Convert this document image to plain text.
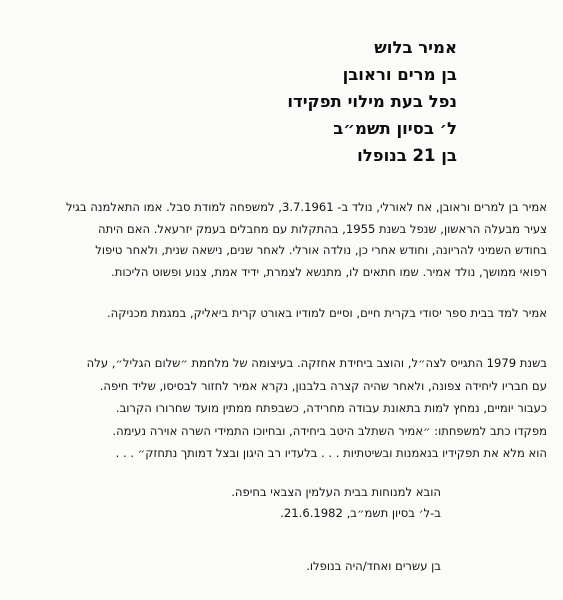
אמיר בלוש
בן מרים וראובן
נפל בעת מילוי תפקידו
ל׳ בסיון תשמ״ב
בן 21 בנופלו
אמיר בן למרים וראובן, אח לאורלי, נולד ב- 3.7.1961, למשפחה למודת סבל. אמו התאלמנה בגיל
צעיר מבעלה הראשון, שנפל בשנת 1955, בהתקלות עם מחבלים בעמק יזרעאל. האם היתה
בחודש השמיני להריונה, וחודש אחרי כן, נולדה אורלי. לאחר שנים, נישאה שנית, ולאחר טיפול
רפואי ממושך, נולד אמיר. שמו חתאים לו, מתנשא לצמרת, ידיד אמת, צנוע ופשוט הליכות.
אמיר למד בבית ספר יסודי בקרית חיים, וסיים למודיו באורט קרית ביאליק, במגמת מכניקה.
בשנת 1979 התגייס לצה״ל, והוצב ביחידת אחזקה. בעיצומה של מלחמת ״שלום הגליל״, עלה
עם חבריו ליחידה צפונה, ולאחר שהיה קצרה בלבנון, נקרא אמיר לחזור לבסיסו, שליד חיפה.
כעבור יומיים, נמחץ למות בתאונת עבודה מחרידה, כשבפתח ממתין מועד שחרורו הקרוב.
מפקדו כתב למשפחתו: ״אמיר השתלב היטב ביחידה, ובחיוכו התמידי השרה אוירה נעימה.
הוא מלא את תפקידיו בנאמנות ובשיטתיות . . . בלעדיו רב היגון ובצל דמותך נתחזק״ . . .
הובא למנוחות בבית העלמין הצבאי בחיפה.
ב-ל׳ בסיון תשמ״ב, 21.6.1982.
בן עשרים ואחד/היה בנופלו.
